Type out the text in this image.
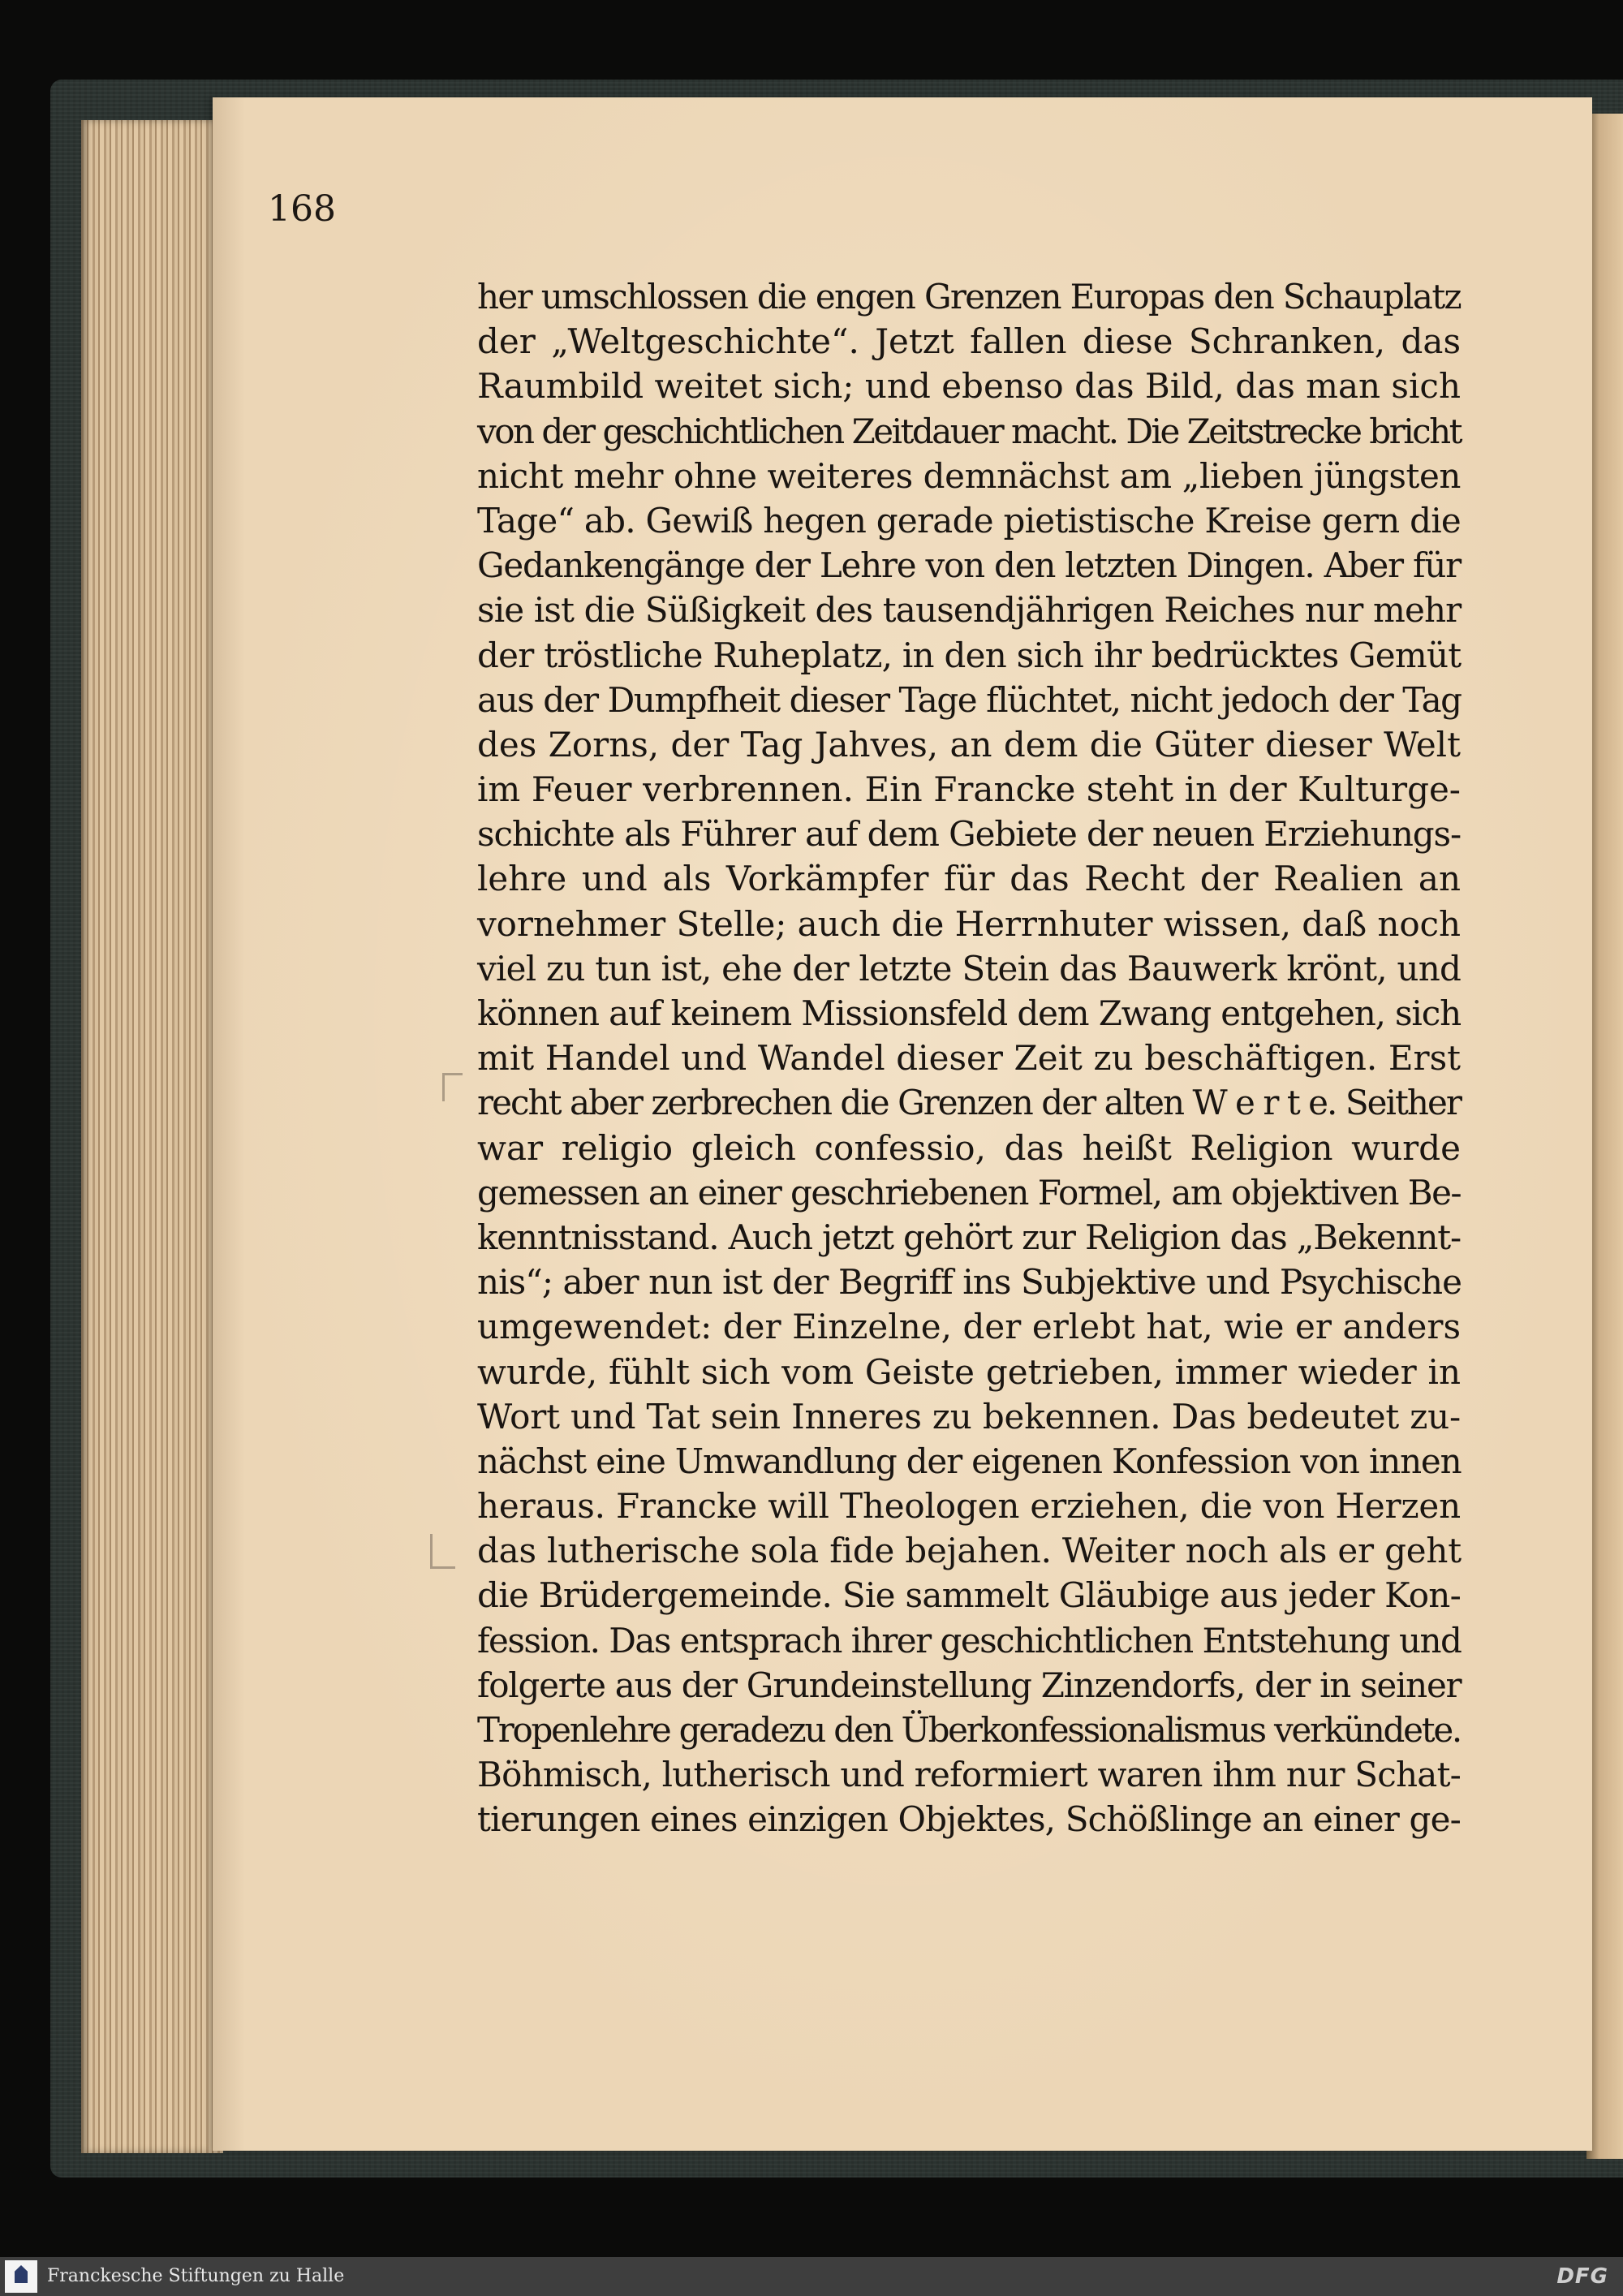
168

her umschlossen die engen Grenzen Europas den Schauplatz
der „Weltgeschichte“. Jetzt fallen diese Schranken, das
Raumbild weitet sich; und ebenso das Bild, das man sich
von der geschichtlichen Zeitdauer macht. Die Zeitstrecke bricht
nicht mehr ohne weiteres demnächst am „lieben jüngsten
Tage“ ab. Gewiß hegen gerade pietistische Kreise gern die
Gedankengänge der Lehre von den letzten Dingen. Aber für
sie ist die Süßigkeit des tausendjährigen Reiches nur mehr
der tröstliche Ruheplatz, in den sich ihr bedrücktes Gemüt
aus der Dumpfheit dieser Tage flüchtet, nicht jedoch der Tag
des Zorns, der Tag Jahves, an dem die Güter dieser Welt
im Feuer verbrennen. Ein Francke steht in der Kulturge-
schichte als Führer auf dem Gebiete der neuen Erziehungs-
lehre und als Vorkämpfer für das Recht der Realien an
vornehmer Stelle; auch die Herrnhuter wissen, daß noch
viel zu tun ist, ehe der letzte Stein das Bauwerk krönt, und
können auf keinem Missionsfeld dem Zwang entgehen, sich
mit Handel und Wandel dieser Zeit zu beschäftigen. Erst
recht aber zerbrechen die Grenzen der alten W e r t e. Seither
war religio gleich confessio, das heißt Religion wurde
gemessen an einer geschriebenen Formel, am objektiven Be-
kenntnisstand. Auch jetzt gehört zur Religion das „Bekennt-
nis“; aber nun ist der Begriff ins Subjektive und Psychische
umgewendet: der Einzelne, der erlebt hat, wie er anders
wurde, fühlt sich vom Geiste getrieben, immer wieder in
Wort und Tat sein Inneres zu bekennen. Das bedeutet zu-
nächst eine Umwandlung der eigenen Konfession von innen
heraus. Francke will Theologen erziehen, die von Herzen
das lutherische sola fide bejahen. Weiter noch als er geht
die Brüdergemeinde. Sie sammelt Gläubige aus jeder Kon-
fession. Das entsprach ihrer geschichtlichen Entstehung und
folgerte aus der Grundeinstellung Zinzendorfs, der in seiner
Tropenlehre geradezu den Überkonfessionalismus verkündete.
Böhmisch, lutherisch und reformiert waren ihm nur Schat-
tierungen eines einzigen Objektes, Schößlinge an einer ge-

Franckesche Stiftungen zu Halle	DFG
